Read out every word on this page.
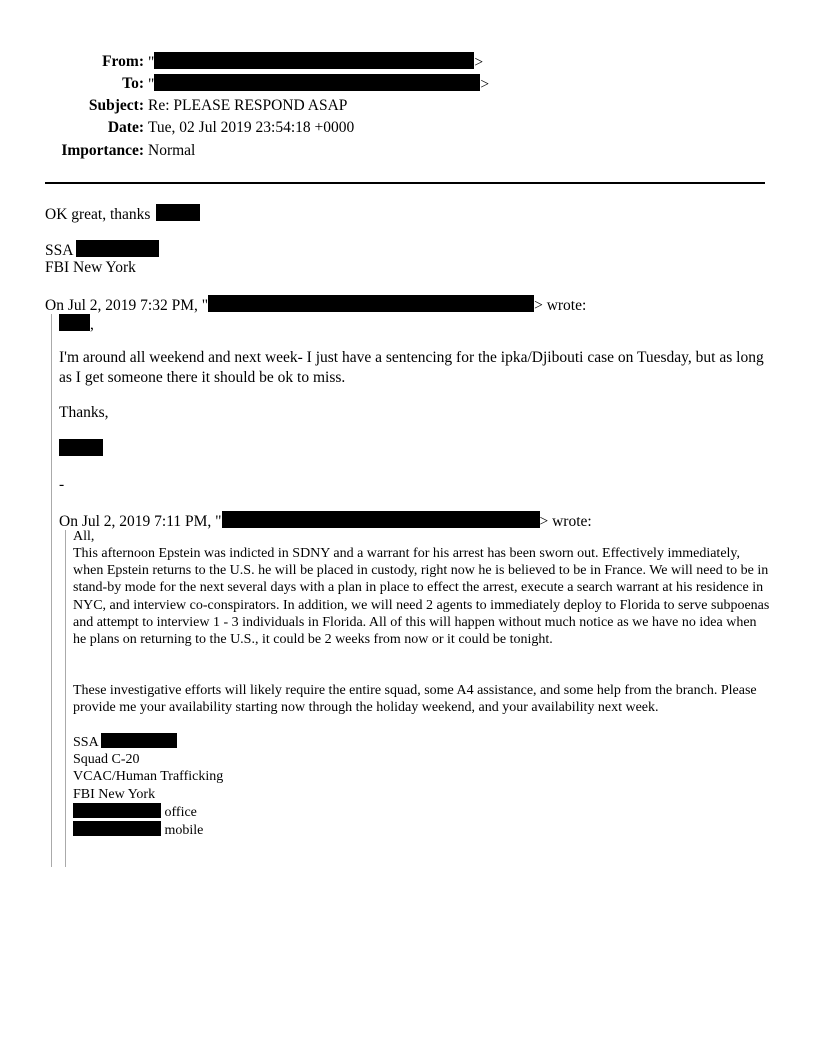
From: "	>
To: "	>
Subject: Re: PLEASE RESPOND ASAP
Date: Tue, 02 Jul 2019 23:54:18 +0000
Importance: Normal
OK great, thanks
SSA
FBI New York
On Jul 2, 2019 7:32 PM, "	> wrote:
,
I'm around all weekend and next week- I just have a sentencing for the ipka/Djibouti case on Tuesday, but as long as I get someone there it should be ok to miss.
Thanks,
-
On Jul 2, 2019 7:11 PM, "	> wrote:
All,
This afternoon Epstein was indicted in SDNY and a warrant for his arrest has been sworn out. Effectively immediately, when Epstein returns to the U.S. he will be placed in custody, right now he is believed to be in France. We will need to be in stand-by mode for the next several days with a plan in place to effect the arrest, execute a search warrant at his residence in NYC, and interview co-conspirators. In addition, we will need 2 agents to immediately deploy to Florida to serve subpoenas and attempt to interview 1 - 3 individuals in Florida. All of this will happen without much notice as we have no idea when he plans on returning to the U.S., it could be 2 weeks from now or it could be tonight.
These investigative efforts will likely require the entire squad, some A4 assistance, and some help from the branch. Please provide me your availability starting now through the holiday weekend, and your availability next week.
SSA
Squad C-20
VCAC/Human Trafficking
FBI New York
office
mobile
